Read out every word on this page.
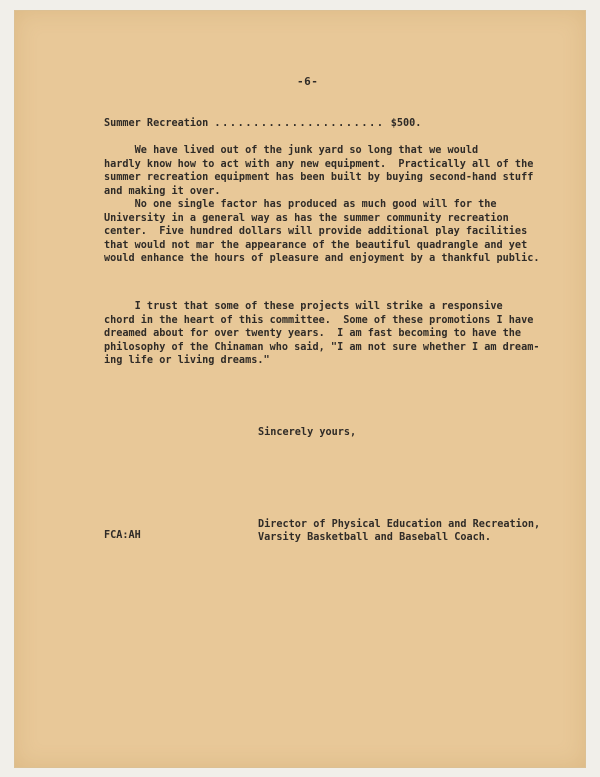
-6-
Summer Recreation ...................... $500.
We have lived out of the junk yard so long that we would
hardly know how to act with any new equipment.  Practically all of the
summer recreation equipment has been built by buying second-hand stuff
and making it over.
No one single factor has produced as much good will for the
University in a general way as has the summer community recreation
center.  Five hundred dollars will provide additional play facilities
that would not mar the appearance of the beautiful quadrangle and yet
would enhance the hours of pleasure and enjoyment by a thankful public.
I trust that some of these projects will strike a responsive
chord in the heart of this committee.  Some of these promotions I have
dreamed about for over twenty years.  I am fast becoming to have the
philosophy of the Chinaman who said, "I am not sure whether I am dream-
ing life or living dreams."
Sincerely yours,
FCA:AH
Director of Physical Education and Recreation,
Varsity Basketball and Baseball Coach.
